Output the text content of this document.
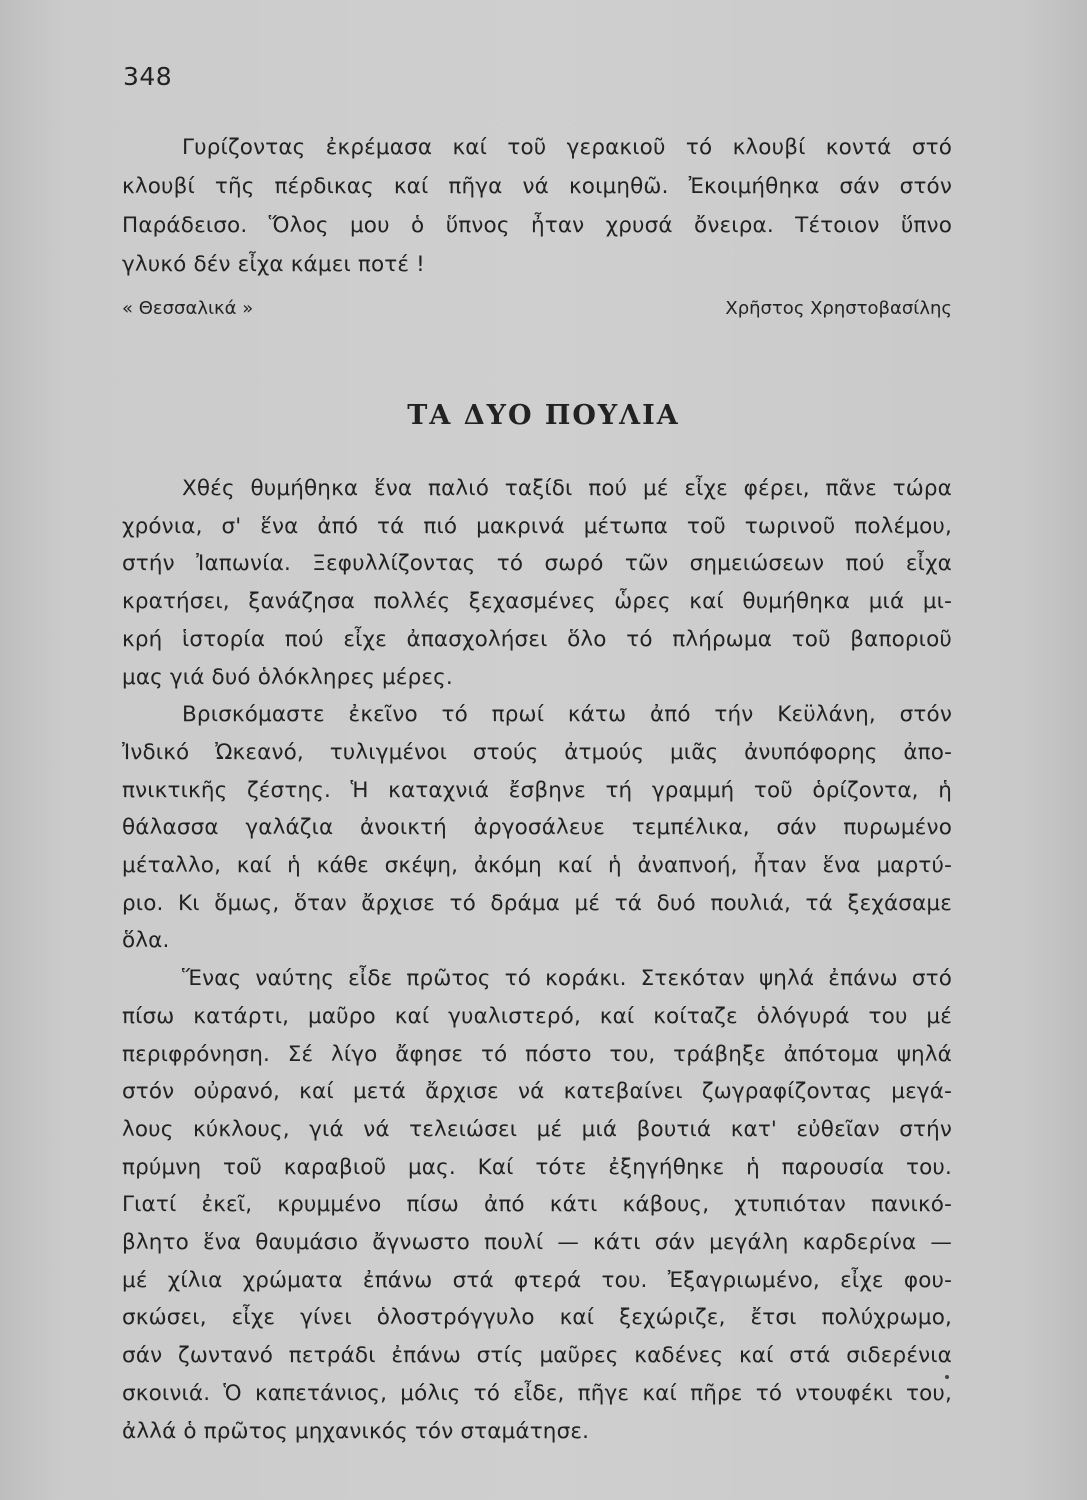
348
Γυρίζοντας ἐκρέμασα καί τοῦ γερακιοῦ τό κλουβί κοντά στό
κλουβί τῆς πέρδικας καί πῆγα νά κοιμηθῶ. Ἐκοιμήθηκα σάν στόν
Παράδεισο. Ὅλος μου ὁ ὕπνος ἦταν χρυσά ὄνειρα. Τέτοιον ὕπνο
γλυκό δέν εἶχα κάμει ποτέ !
« Θεσσαλικά »	Χρῆστος Χρηστοβασίλης
ΤΑ ΔΥΟ ΠΟΥΛΙΑ
Χθές θυμήθηκα ἕνα παλιό ταξίδι πού μέ εἶχε φέρει, πᾶνε τώρα
χρόνια, σ' ἕνα ἀπό τά πιό μακρινά μέτωπα τοῦ τωρινοῦ πολέμου,
στήν Ἰαπωνία. Ξεφυλλίζοντας τό σωρό τῶν σημειώσεων πού εἶχα
κρατήσει, ξανάζησα πολλές ξεχασμένες ὧρες καί θυμήθηκα μιά μι-
κρή ἱστορία πού εἶχε ἀπασχολήσει ὅλο τό πλήρωμα τοῦ βαποριοῦ
μας γιά δυό ὁλόκληρες μέρες.
Βρισκόμαστε ἐκεῖνο τό πρωί κάτω ἀπό τήν Κεϋλάνη, στόν
Ἰνδικό Ὠκεανό, τυλιγμένοι στούς ἀτμούς μιᾶς ἀνυπόφορης ἀπο-
πνικτικῆς ζέστης. Ἡ καταχνιά ἔσβηνε τή γραμμή τοῦ ὁρίζοντα, ἡ
θάλασσα γαλάζια ἀνοικτή ἀργοσάλευε τεμπέλικα, σάν πυρωμένο
μέταλλο, καί ἡ κάθε σκέψη, ἀκόμη καί ἡ ἀναπνοή, ἦταν ἕνα μαρτύ-
ριο. Κι ὅμως, ὅταν ἄρχισε τό δράμα μέ τά δυό πουλιά, τά ξεχάσαμε
ὅλα.
Ἕνας ναύτης εἶδε πρῶτος τό κοράκι. Στεκόταν ψηλά ἐπάνω στό
πίσω κατάρτι, μαῦρο καί γυαλιστερό, καί κοίταζε ὁλόγυρά του μέ
περιφρόνηση. Σέ λίγο ἄφησε τό πόστο του, τράβηξε ἀπότομα ψηλά
στόν οὐρανό, καί μετά ἄρχισε νά κατεβαίνει ζωγραφίζοντας μεγά-
λους κύκλους, γιά νά τελειώσει μέ μιά βουτιά κατ' εὐθεῖαν στήν
πρύμνη τοῦ καραβιοῦ μας. Καί τότε ἐξηγήθηκε ἡ παρουσία του.
Γιατί ἐκεῖ, κρυμμένο πίσω ἀπό κάτι κάβους, χτυπιόταν πανικό-
βλητο ἕνα θαυμάσιο ἄγνωστο πουλί — κάτι σάν μεγάλη καρδερίνα —
μέ χίλια χρώματα ἐπάνω στά φτερά του. Ἐξαγριωμένο, εἶχε φου-
σκώσει, εἶχε γίνει ὁλοστρόγγυλο καί ξεχώριζε, ἔτσι πολύχρωμο,
σάν ζωντανό πετράδι ἐπάνω στίς μαῦρες καδένες καί στά σιδερένια
σκοινιά. Ὁ καπετάνιος, μόλις τό εἶδε, πῆγε καί πῆρε τό ντουφέκι του,
ἀλλά ὁ πρῶτος μηχανικός τόν σταμάτησε.
